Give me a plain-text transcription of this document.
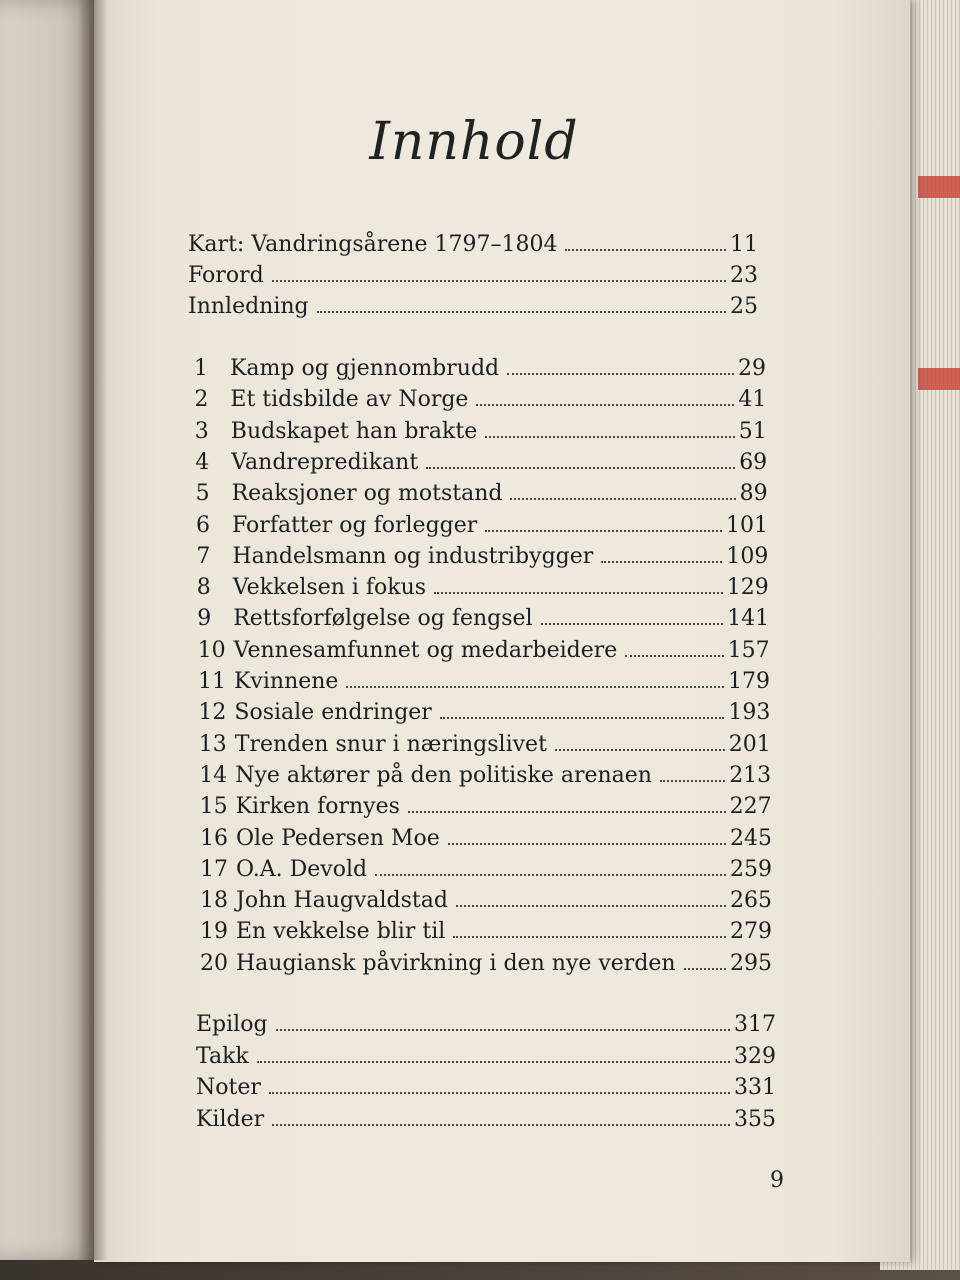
Innhold
Kart: Vandringsårene 1797–1804	11
Forord	23
Innledning	25
1	Kamp og gjennombrudd	29
2	Et tidsbilde av Norge	41
3	Budskapet han brakte	51
4	Vandrepredikant	69
5	Reaksjoner og motstand	89
6	Forfatter og forlegger	101
7	Handelsmann og industribygger	109
8	Vekkelsen i fokus	129
9	Rettsforfølgelse og fengsel	141
10 Vennesamfunnet og medarbeidere	157
11 Kvinnene	179
12 Sosiale endringer	193
13 Trenden snur i næringslivet	201
14 Nye aktører på den politiske arenaen	213
15 Kirken fornyes	227
16 Ole Pedersen Moe	245
17 O.A. Devold	259
18 John Haugvaldstad	265
19 En vekkelse blir til	279
20 Haugiansk påvirkning i den nye verden	295
Epilog	317
Takk	329
Noter	331
Kilder	355
9
